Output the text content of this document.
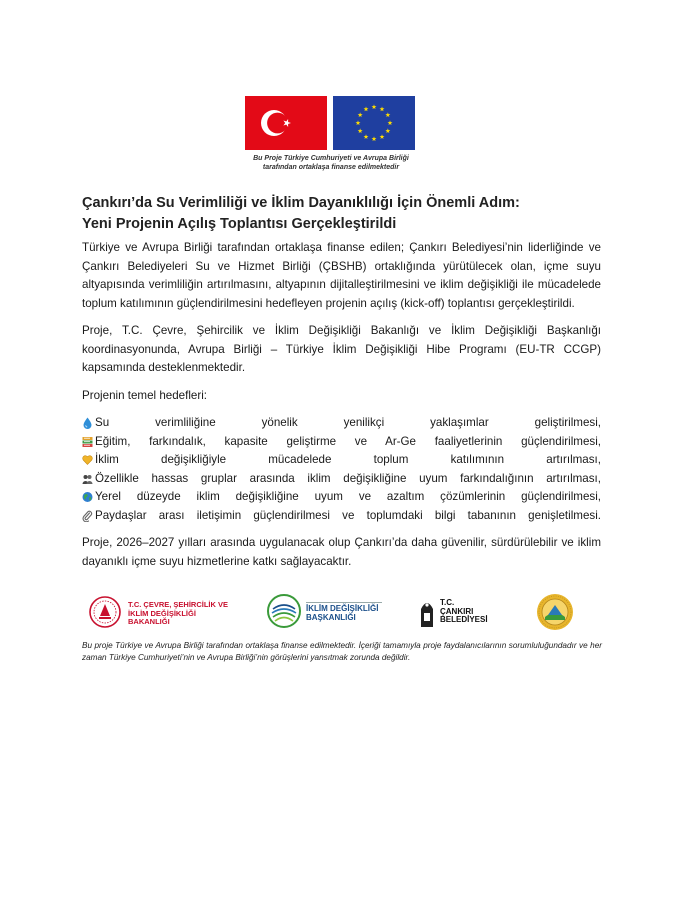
Bu Proje Türkiye Cumhuriyeti ve Avrupa Birliği
tarafından ortaklaşa finanse edilmektedir
Çankırı’da Su Verimliliği ve İklim Dayanıklılığı İçin Önemli Adım:
Yeni Projenin Açılış Toplantısı Gerçekleştirildi

Türkiye ve Avrupa Birliği tarafından ortaklaşa finanse edilen; Çankırı Belediyesi’nin liderliğinde ve Çankırı Belediyeleri Su ve Hizmet Birliği (ÇBSHB) ortaklığında yürütülecek olan, içme suyu altyapısında verimliliğin artırılmasını, altyapının dijitalleştirilmesini ve iklim değişikliği ile mücadelede toplum katılımının güçlendirilmesini hedefleyen projenin açılış (kick-off) toplantısı gerçekleştirildi.

Proje, T.C. Çevre, Şehircilik ve İklim Değişikliği Bakanlığı ve İklim Değişikliği Başkanlığı koordinasyonunda, Avrupa Birliği – Türkiye İklim Değişikliği Hibe Programı (EU-TR CCGP) kapsamında desteklenmektedir.

Projenin temel hedefleri:

Su verimliliğine yönelik yenilikçi yaklaşımlar geliştirilmesi,
Eğitim, farkındalık, kapasite geliştirme ve Ar-Ge faaliyetlerinin güçlendirilmesi,
İklim değişikliğiyle mücadelede toplum katılımının artırılması,
Özellikle hassas gruplar arasında iklim değişikliğine uyum farkındalığının artırılması,
Yerel düzeyde iklim değişikliğine uyum ve azaltım çözümlerinin güçlendirilmesi,
Paydaşlar arası iletişimin güçlendirilmesi ve toplumdaki bilgi tabanının genişletilmesi.

Proje, 2026–2027 yılları arasında uygulanacak olup Çankırı’da daha güvenilir, sürdürülebilir ve iklim dayanıklı içme suyu hizmetlerine katkı sağlayacaktır.

T.C. ÇEVRE, ŞEHİRCİLİK VE
İKLİM DEĞİŞİKLİĞİ BAKANLIĞI
İKLİM DEĞİŞİKLİĞİ
BAŞKANLIĞI
T.C.
ÇANKIRI
BELEDİYESİ

Bu proje Türkiye ve Avrupa Birliği tarafından ortaklaşa finanse edilmektedir. İçeriği tamamıyla proje faydalanıcılarının sorumluluğundadır ve her zaman Türkiye Cumhuriyeti’nin ve Avrupa Birliği’nin görüşlerini yansıtmak zorunda değildir.
